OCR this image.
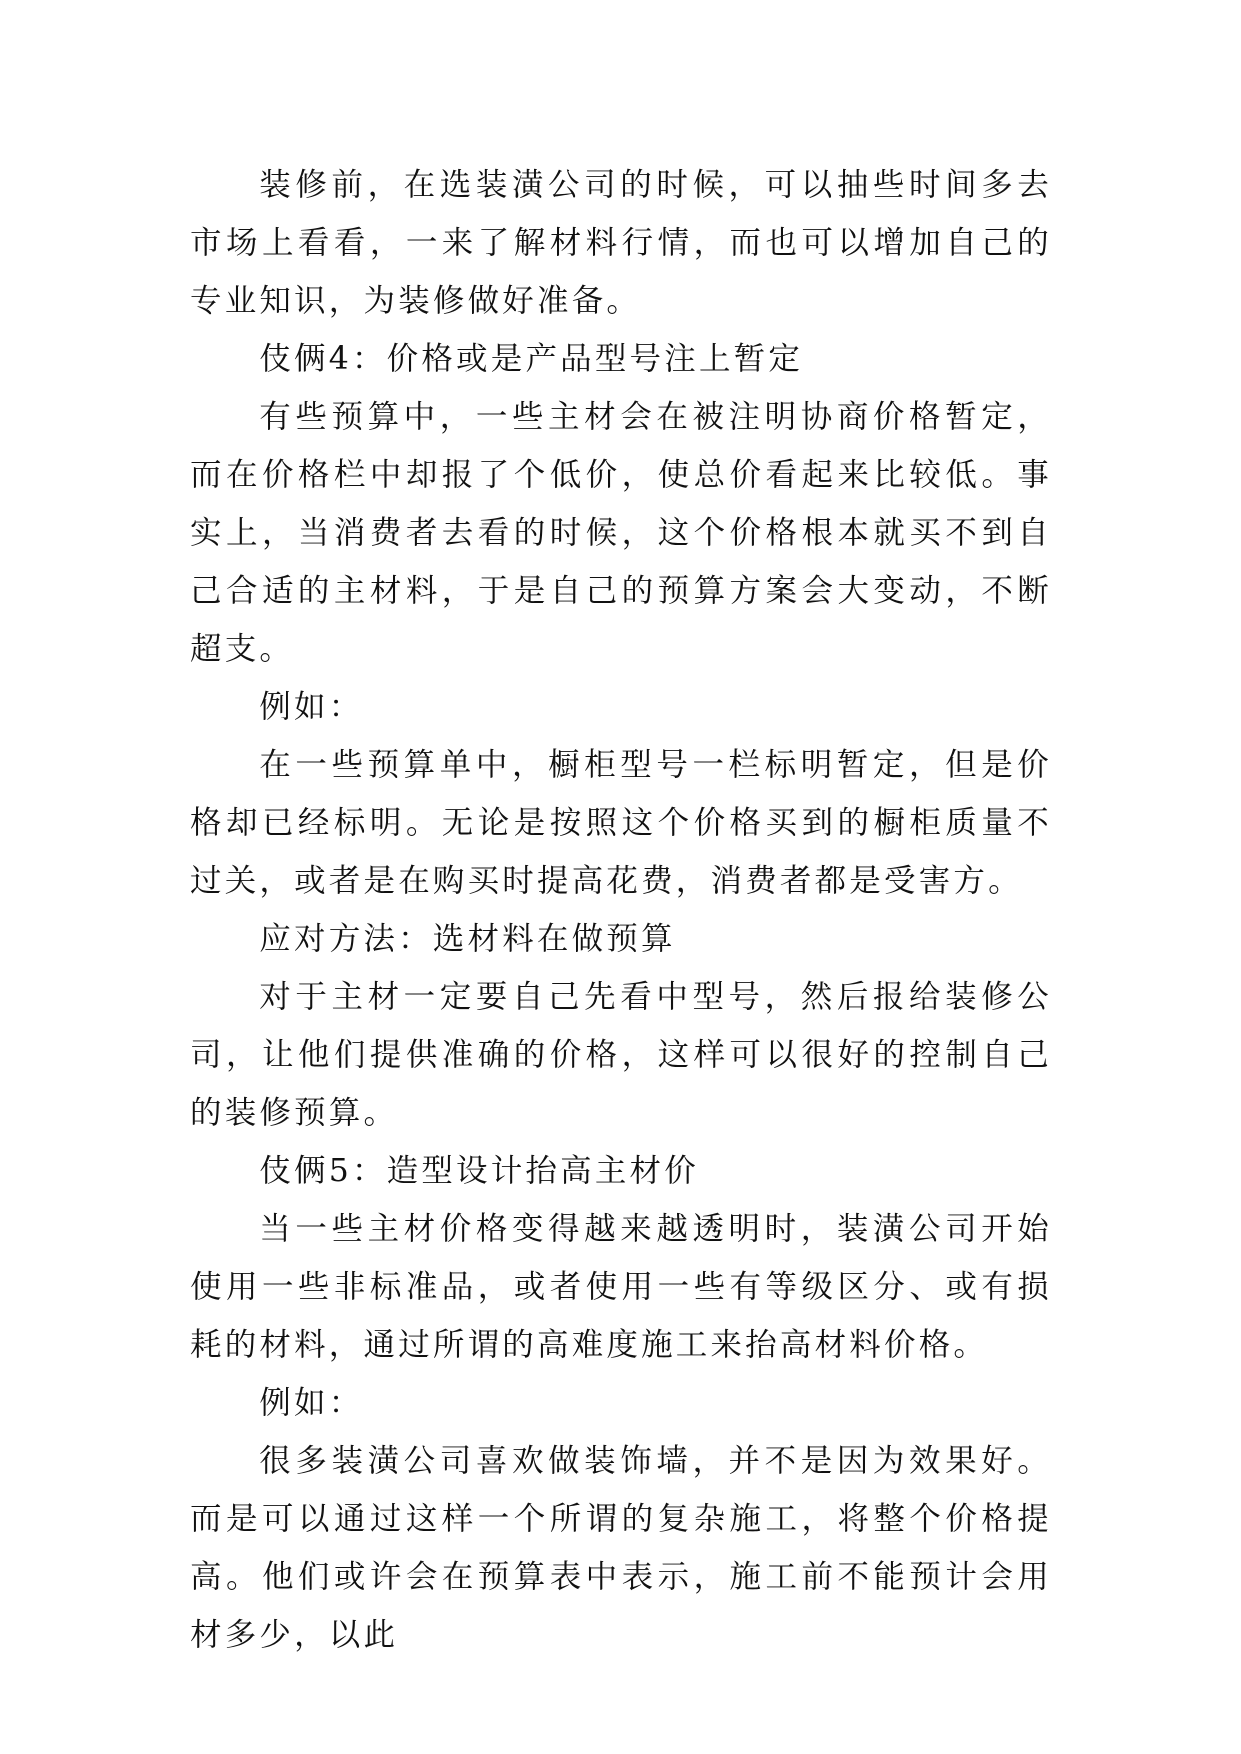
装修前，在选装潢公司的时候，可以抽些时间多去市场上看看，一来了解材料行情，而也可以增加自己的专业知识，为装修做好准备。

伎俩4：价格或是产品型号注上暂定

有些预算中，一些主材会在被注明协商价格暂定，而在价格栏中却报了个低价，使总价看起来比较低。事实上，当消费者去看的时候，这个价格根本就买不到自己合适的主材料，于是自己的预算方案会大变动，不断超支。

例如：

在一些预算单中，橱柜型号一栏标明暂定，但是价格却已经标明。无论是按照这个价格买到的橱柜质量不过关，或者是在购买时提高花费，消费者都是受害方。

应对方法：选材料在做预算

对于主材一定要自己先看中型号，然后报给装修公司，让他们提供准确的价格，这样可以很好的控制自己的装修预算。

伎俩5：造型设计抬高主材价

当一些主材价格变得越来越透明时，装潢公司开始使用一些非标准品，或者使用一些有等级区分、或有损耗的材料，通过所谓的高难度施工来抬高材料价格。

例如：

很多装潢公司喜欢做装饰墙，并不是因为效果好。而是可以通过这样一个所谓的复杂施工，将整个价格提高。他们或许会在预算表中表示，施工前不能预计会用材多少，以此
